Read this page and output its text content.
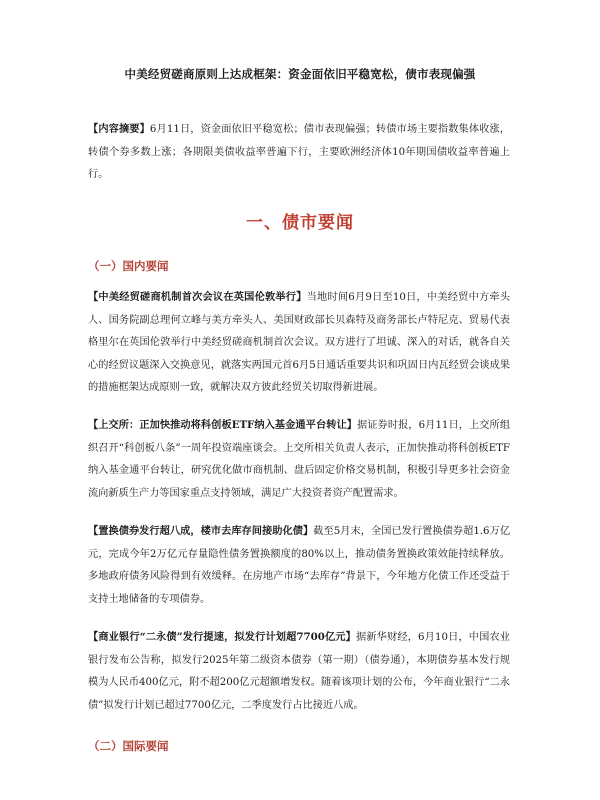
中美经贸磋商原则上达成框架：资金面依旧平稳宽松，债市表现偏强
【内容摘要】6月11日，资金面依旧平稳宽松；债市表现偏强；转债市场主要指数集体收涨，转债个券多数上涨；各期限美债收益率普遍下行，主要欧洲经济体10年期国债收益率普遍上行。
一、债市要闻
（一）国内要闻
【中美经贸磋商机制首次会议在英国伦敦举行】当地时间6月9日至10日，中美经贸中方牵头人、国务院副总理何立峰与美方牵头人、美国财政部长贝森特及商务部长卢特尼克、贸易代表格里尔在英国伦敦举行中美经贸磋商机制首次会议。双方进行了坦诚、深入的对话，就各自关心的经贸议题深入交换意见，就落实两国元首6月5日通话重要共识和巩固日内瓦经贸会谈成果的措施框架达成原则一致，就解决双方彼此经贸关切取得新进展。
【上交所：正加快推动将科创板ETF纳入基金通平台转让】据证券时报，6月11日，上交所组织召开“科创板八条”一周年投资端座谈会。上交所相关负责人表示，正加快推动将科创板ETF纳入基金通平台转让，研究优化做市商机制、盘后固定价格交易机制，积极引导更多社会资金流向新质生产力等国家重点支持领域，满足广大投资者资产配置需求。
【置换债券发行超八成，楼市去库存间接助化债】截至5月末，全国已发行置换债券超1.6万亿元，完成今年2万亿元存量隐性债务置换额度的80%以上，推动债务置换政策效能持续释放。多地政府债务风险得到有效缓释。在房地产市场“去库存”背景下，今年地方化债工作还受益于支持土地储备的专项债券。
【商业银行“二永债”发行提速，拟发行计划超7700亿元】据新华财经，6月10日，中国农业银行发布公告称，拟发行2025年第二级资本债券（第一期）（债券通），本期债券基本发行规模为人民币400亿元，附不超200亿元超额增发权。随着该项计划的公布，今年商业银行“二永债”拟发行计划已超过7700亿元，二季度发行占比接近八成。
（二）国际要闻
